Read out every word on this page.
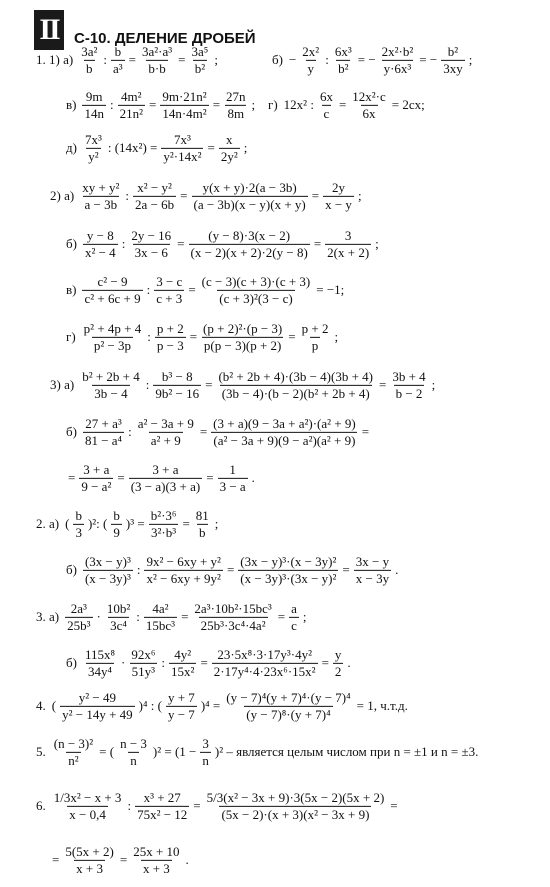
II	С-10. ДЕЛЕНИЕ ДРОБЕЙ
1. 1) $а) \frac{\text{3a²}}{b}$ : $\frac{b}{\text{a³}} = \frac{\text{3a²·a³}}{b\cdot b} = \frac{\text{3a⁵}}{\text{b²}}$ ;	$б) - \frac{\text{2x²}}{y}$ : $\frac{\text{6x³}}{\text{b²}}$ = − $\frac{\text{2x²·b²}}{\text{y·6x³}}$ = − $\frac{\text{b²}}{3xy}$ ;
$в) \frac{9m}{14n}$ : $\frac{\text{4m²}}{\text{21n²}} = \frac{\text{9m·21n²}}{\text{14n·4m²}} = \frac{27n}{8m}$ ; г) 12x² : $\frac{6x}{c} = \frac{\text{12x²·c}}{6x} = 2cx$;
$д) \frac{\text{7x³}}{\text{y²}}$ : $(14x^2) = \frac{\text{7x³}}{\text{y²·14x²}} = \frac{x}{\text{2y²}}$ ;
2) $а) \frac{\text{xy + y²}}{a - 3b}$ : $\frac{\text{x² − y²}}{2a - 6b} = \frac{y(x + y)\cdot 2(a - 3b)}{(a - 3b)(x - y)(x + y)} = \frac{2y}{x - y}$ ;
$б) \frac{y - 8}{\text{x² − 4}}$ : $\frac{2y - 16}{3x - 6} = \frac{(y - 8)\cdot 3(x - 2)}{(x - 2)(x + 2)\cdot 2(y - 8)} = \frac{3}{2(x + 2)}$ ;
$в) \frac{\text{c² − 9}}{\text{c² + 6c + 9}}$ : $\frac{3 - c}{c + 3} = \frac{(c - 3)(c + 3)\cdot(c + 3)}{\text{(c + 3)²(3 − c)}} = -1$;
$г) \frac{\text{p² + 4p + 4}}{\text{p² − 3p}}$ : $\frac{p + 2}{p - 3} = \frac{\text{(p + 2)²·(p − 3)}}{p(p - 3)(p + 2)} = \frac{p + 2}{p}$ ;
3) $а) \frac{\text{b² + 2b + 4}}{3b - 4}$ : $\frac{\text{b³ − 8}}{\text{9b² − 16}} = \frac{\text{(b² + 2b + 4)·(3b − 4)(3b + 4)}}{\text{(3b − 4)·(b − 2)(b² + 2b + 4)}} = \frac{3b + 4}{b - 2}$ ;
$б) \frac{\text{27 + a³}}{\text{81 − a⁴}}$ : $\frac{\text{a² − 3a + 9}}{\text{a² + 9}} = \frac{\text{(3 + a)(9 − 3a + a²)·(a² + 9)}}{\text{(a² − 3a + 9)(9 − a²)(a² + 9)}}$ =
= $\frac{3 + a}{\text{9 − a²}} = \frac{3 + a}{(3 - a)(3 + a)} = \frac{1}{3 - a}$ .
2. а) ( $\frac{b}{3} )^2$: ( $\frac{b}{9} )^3 = \frac{\text{b²·3⁶}}{\text{3²·b³}} = \frac{81}{b}$ ;
$б) \frac{\text{(3x − y)³}}{\text{(x − 3y)³}}$ : $\frac{\text{9x² − 6xy + y²}}{\text{x² − 6xy + 9y²}} = \frac{\text{(3x − y)³·(x − 3y)²}}{\text{(x − 3y)³·(3x − y)²}} = \frac{3x - y}{x - 3y}$ .
3. $а) \frac{\text{2a³}}{\text{25b³}} \cdot \frac{\text{10b²}}{\text{3c⁴}}$ : $\frac{\text{4a²}}{\text{15bc³}} = \frac{\text{2a³·10b²·15bc³}}{\text{25b³·3c⁴·4a²}} = \frac{a}{c}$ ;
$б) \frac{\text{115x⁸}}{\text{34y⁴}} \cdot \frac{\text{92x⁶}}{\text{51y³}}$ : $\frac{\text{4y²}}{\text{15x²}} = \frac{\text{23·5x⁸·3·17y³·4y²}}{\text{2·17y⁴·4·23x⁶·15x²}} = \frac{y}{2}$ .
4. ( $\frac{\text{y² − 49}}{\text{y² − 14y + 49}} )^4$ : ( $\frac{y + 7}{y - 7} )^4 = \frac{\text{(y − 7)⁴(y + 7)⁴·(y − 7)⁴}}{\text{(y − 7)⁸·(y + 7)⁴}} = 1$, ч.т.д.
5. $\frac{\text{(n − 3)²}}{\text{n²}}$ = ( $\frac{n - 3}{n} )^2 = (1 - \frac{3}{n} )^2$ – является целым числом при n = ±1 и n = ±3.
6. $\frac{\text{1/3x² − x + 3}}{x - 0,4}$ : $\frac{\text{x³ + 27}}{\text{75x² − 12}} = \frac{\text{5/3(x² − 3x + 9)·3(5x − 2)(5x + 2)}}{\text{(5x − 2)·(x + 3)(x² − 3x + 9)}}$ =
= $\frac{5(5x + 2)}{x + 3} = \frac{25x + 10}{x + 3}$ .
